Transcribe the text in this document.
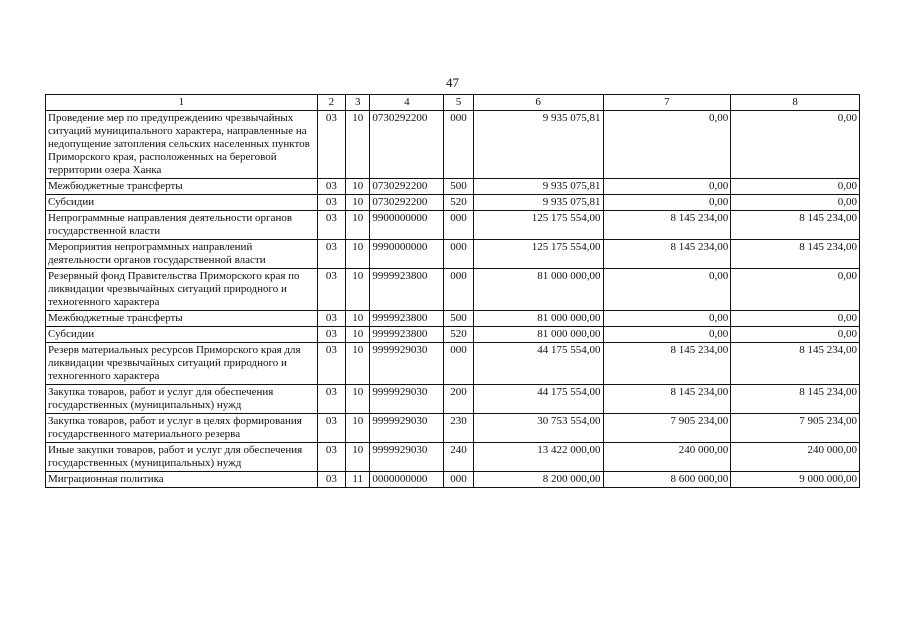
47
1	2	3	4	5	6	7	8
Проведение мер по предупреждению чрезвычайных ситуаций муниципального характера, направленные на недопущение затопления сельских населенных пунктов Приморского края, расположенных на береговой территории озера Ханка	03	10	0730292200	000	9 935 075,81	0,00	0,00
Межбюджетные трансферты	03	10	0730292200	500	9 935 075,81	0,00	0,00
Субсидии	03	10	0730292200	520	9 935 075,81	0,00	0,00
Непрограммные направления деятельности органов государственной власти	03	10	9900000000	000	125 175 554,00	8 145 234,00	8 145 234,00
Мероприятия непрограммных направлений деятельности органов государственной власти	03	10	9990000000	000	125 175 554,00	8 145 234,00	8 145 234,00
Резервный фонд Правительства Приморского края по ликвидации чрезвычайных ситуаций природного и техногенного характера	03	10	9999923800	000	81 000 000,00	0,00	0,00
Межбюджетные трансферты	03	10	9999923800	500	81 000 000,00	0,00	0,00
Субсидии	03	10	9999923800	520	81 000 000,00	0,00	0,00
Резерв материальных ресурсов Приморского края для ликвидации чрезвычайных ситуаций природного и техногенного характера	03	10	9999929030	000	44 175 554,00	8 145 234,00	8 145 234,00
Закупка товаров, работ и услуг для обеспечения государственных (муниципальных) нужд	03	10	9999929030	200	44 175 554,00	8 145 234,00	8 145 234,00
Закупка товаров, работ и услуг в целях формирования государственного материального резерва	03	10	9999929030	230	30 753 554,00	7 905 234,00	7 905 234,00
Иные закупки товаров, работ и услуг для обеспечения государственных (муниципальных) нужд	03	10	9999929030	240	13 422 000,00	240 000,00	240 000,00
Миграционная политика	03	11	0000000000	000	8 200 000,00	8 600 000,00	9 000 000,00
